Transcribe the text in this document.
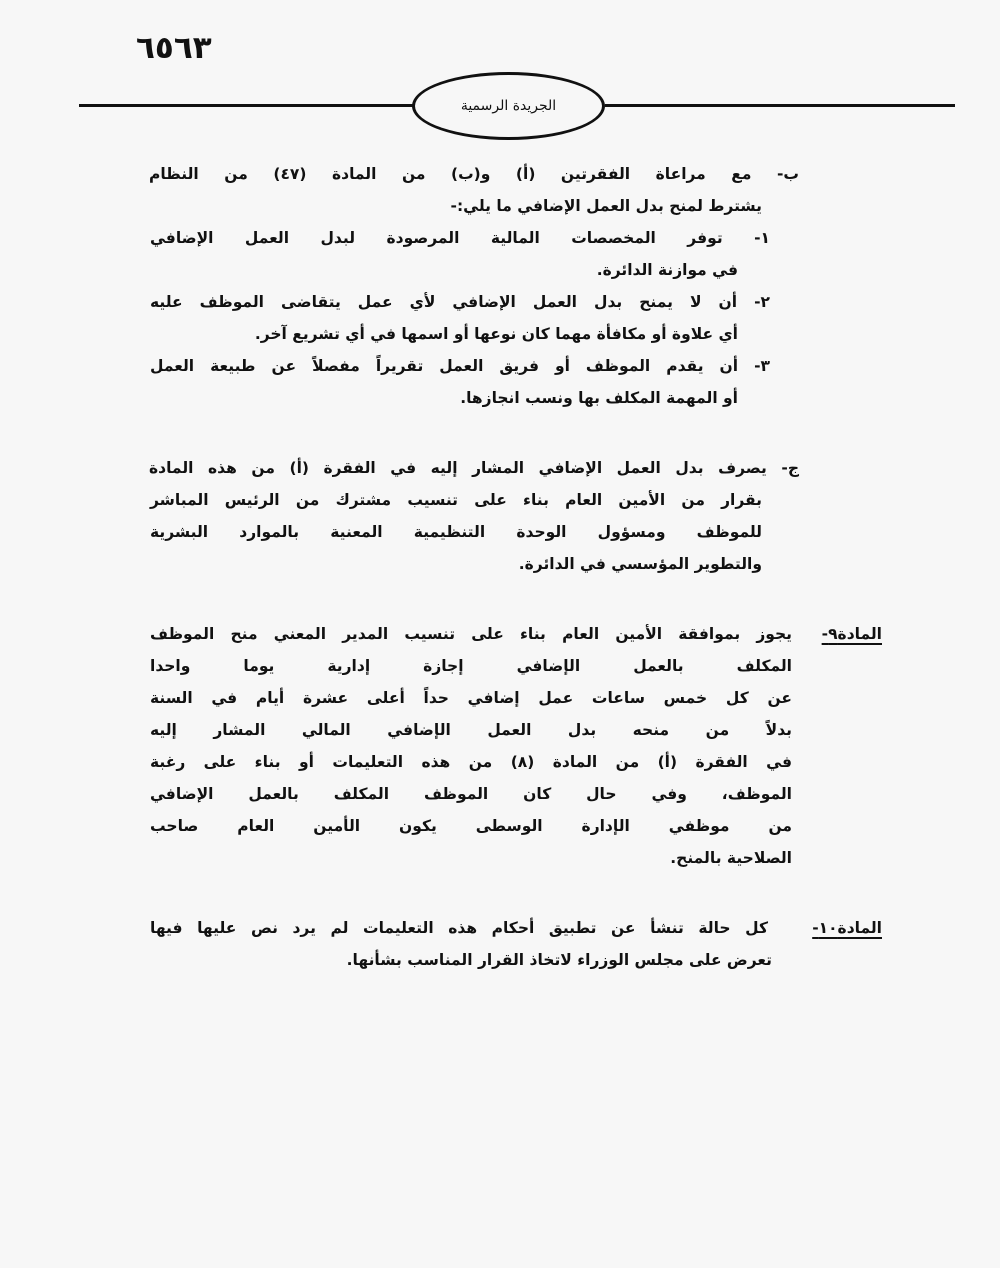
٦٥٦٣
الجريدة الرسمية
ب- مع مراعاة الفقرتين (أ) و(ب) من المادة (٤٧) من النظام
يشترط لمنح بدل العمل الإضافي ما يلي:-
١- توفر المخصصات المالية المرصودة لبدل العمل الإضافي
في موازنة الدائرة.
٢- أن لا يمنح بدل العمل الإضافي لأي عمل يتقاضى الموظف عليه
أي علاوة أو مكافأة مهما كان نوعها أو اسمها في أي تشريع آخر.
٣- أن يقدم الموظف أو فريق العمل تقريراً مفصلاً عن طبيعة العمل
أو المهمة المكلف بها ونسب انجازها.
ج- يصرف بدل العمل الإضافي المشار إليه في الفقرة (أ) من هذه المادة
بقرار من الأمين العام بناء على تنسيب مشترك من الرئيس المباشر
للموظف ومسؤول الوحدة التنظيمية المعنية بالموارد البشرية
والتطوير المؤسسي في الدائرة.
المادة٩-
يجوز بموافقة الأمين العام بناء على تنسيب المدير المعني منح الموظف
المكلف بالعمل الإضافي إجازة إدارية يوما واحدا
عن كل خمس ساعات عمل إضافي حداً أعلى عشرة أيام في السنة
بدلاً من منحه بدل العمل الإضافي المالي المشار إليه
في الفقرة (أ) من المادة (٨) من هذه التعليمات أو بناء على رغبة
الموظف، وفي حال كان الموظف المكلف بالعمل الإضافي
من موظفي الإدارة الوسطى يكون الأمين العام صاحب
الصلاحية بالمنح.
المادة١٠-
كل حالة تنشأ عن تطبيق أحكام هذه التعليمات لم يرد نص عليها فيها
تعرض على مجلس الوزراء لاتخاذ القرار المناسب بشأنها.
